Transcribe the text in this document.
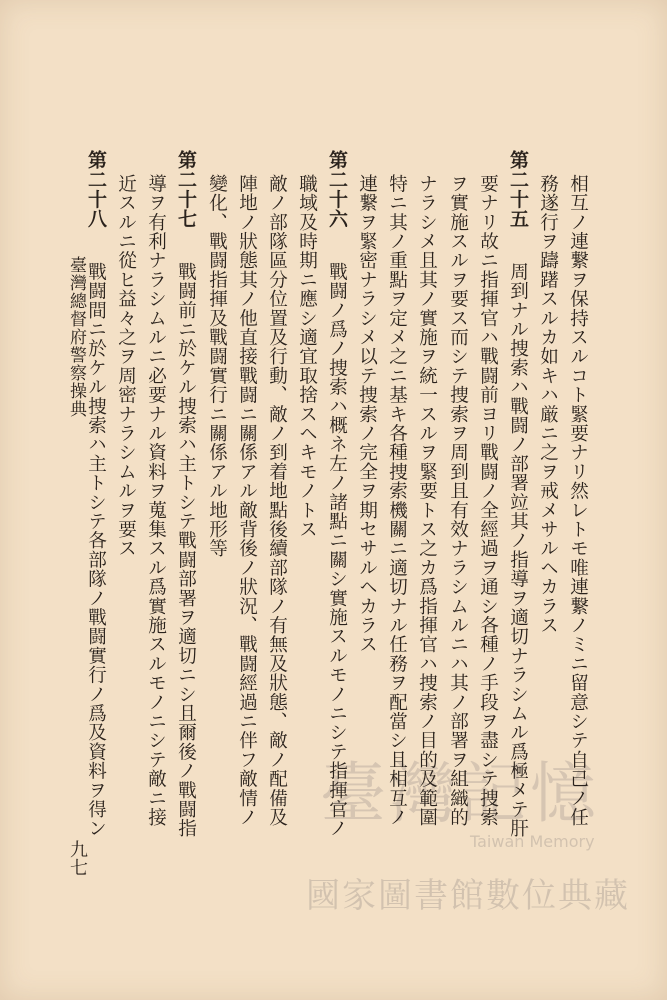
臺灣總督府警察操典
九七
臺灣記憶
Taiwan Memory
國家圖書館數位典藏
相互ノ連繋ヲ保持スルコト緊要ナリ然レトモ唯連繋ノミニ留意シテ自己ノ任
務遂行ヲ躊躇スルカ如キハ厳ニ之ヲ戒メサルヘカラス
第二十五
周到ナル捜索ハ戰闘ノ部署竝其ノ指導ヲ適切ナラシムル爲極メテ肝
要ナリ故ニ指揮官ハ戰闘前ヨリ戰闘ノ全經過ヲ通シ各種ノ手段ヲ盡シテ捜索
ヲ實施スルヲ要ス而シテ捜索ヲ周到且有效ナラシムルニハ其ノ部署ヲ組織的
ナラシメ且其ノ實施ヲ統一スルヲ緊要トス之カ爲指揮官ハ捜索ノ目的及範圍
特ニ其ノ重點ヲ定メ之ニ基キ各種捜索機關ニ適切ナル任務ヲ配當シ且相互ノ
連繋ヲ緊密ナラシメ以テ捜索ノ完全ヲ期セサルヘカラス
第二十六
戰闘ノ爲ノ捜索ハ概ネ左ノ諸點ニ關シ實施スルモノニシテ指揮官ノ
職域及時期ニ應シ適宜取捨スヘキモノトス
敵ノ部隊區分位置及行動、敵ノ到着地點後續部隊ノ有無及狀態、敵ノ配備及
陣地ノ狀態其ノ他直接戰闘ニ關係アル敵背後ノ狀況、戰闘經過ニ伴フ敵情ノ
變化、戰闘指揮及戰闘實行ニ關係アル地形等
第二十七
戰闘前ニ於ケル捜索ハ主トシテ戰闘部署ヲ適切ニシ且爾後ノ戰闘指
導ヲ有利ナラシムルニ必要ナル資料ヲ蒐集スル爲實施スルモノニシテ敵ニ接
近スルニ從ヒ益々之ヲ周密ナラシムルヲ要ス
第二十八
戰闘間ニ於ケル捜索ハ主トシテ各部隊ノ戰闘實行ノ爲及資料ヲ得ン
